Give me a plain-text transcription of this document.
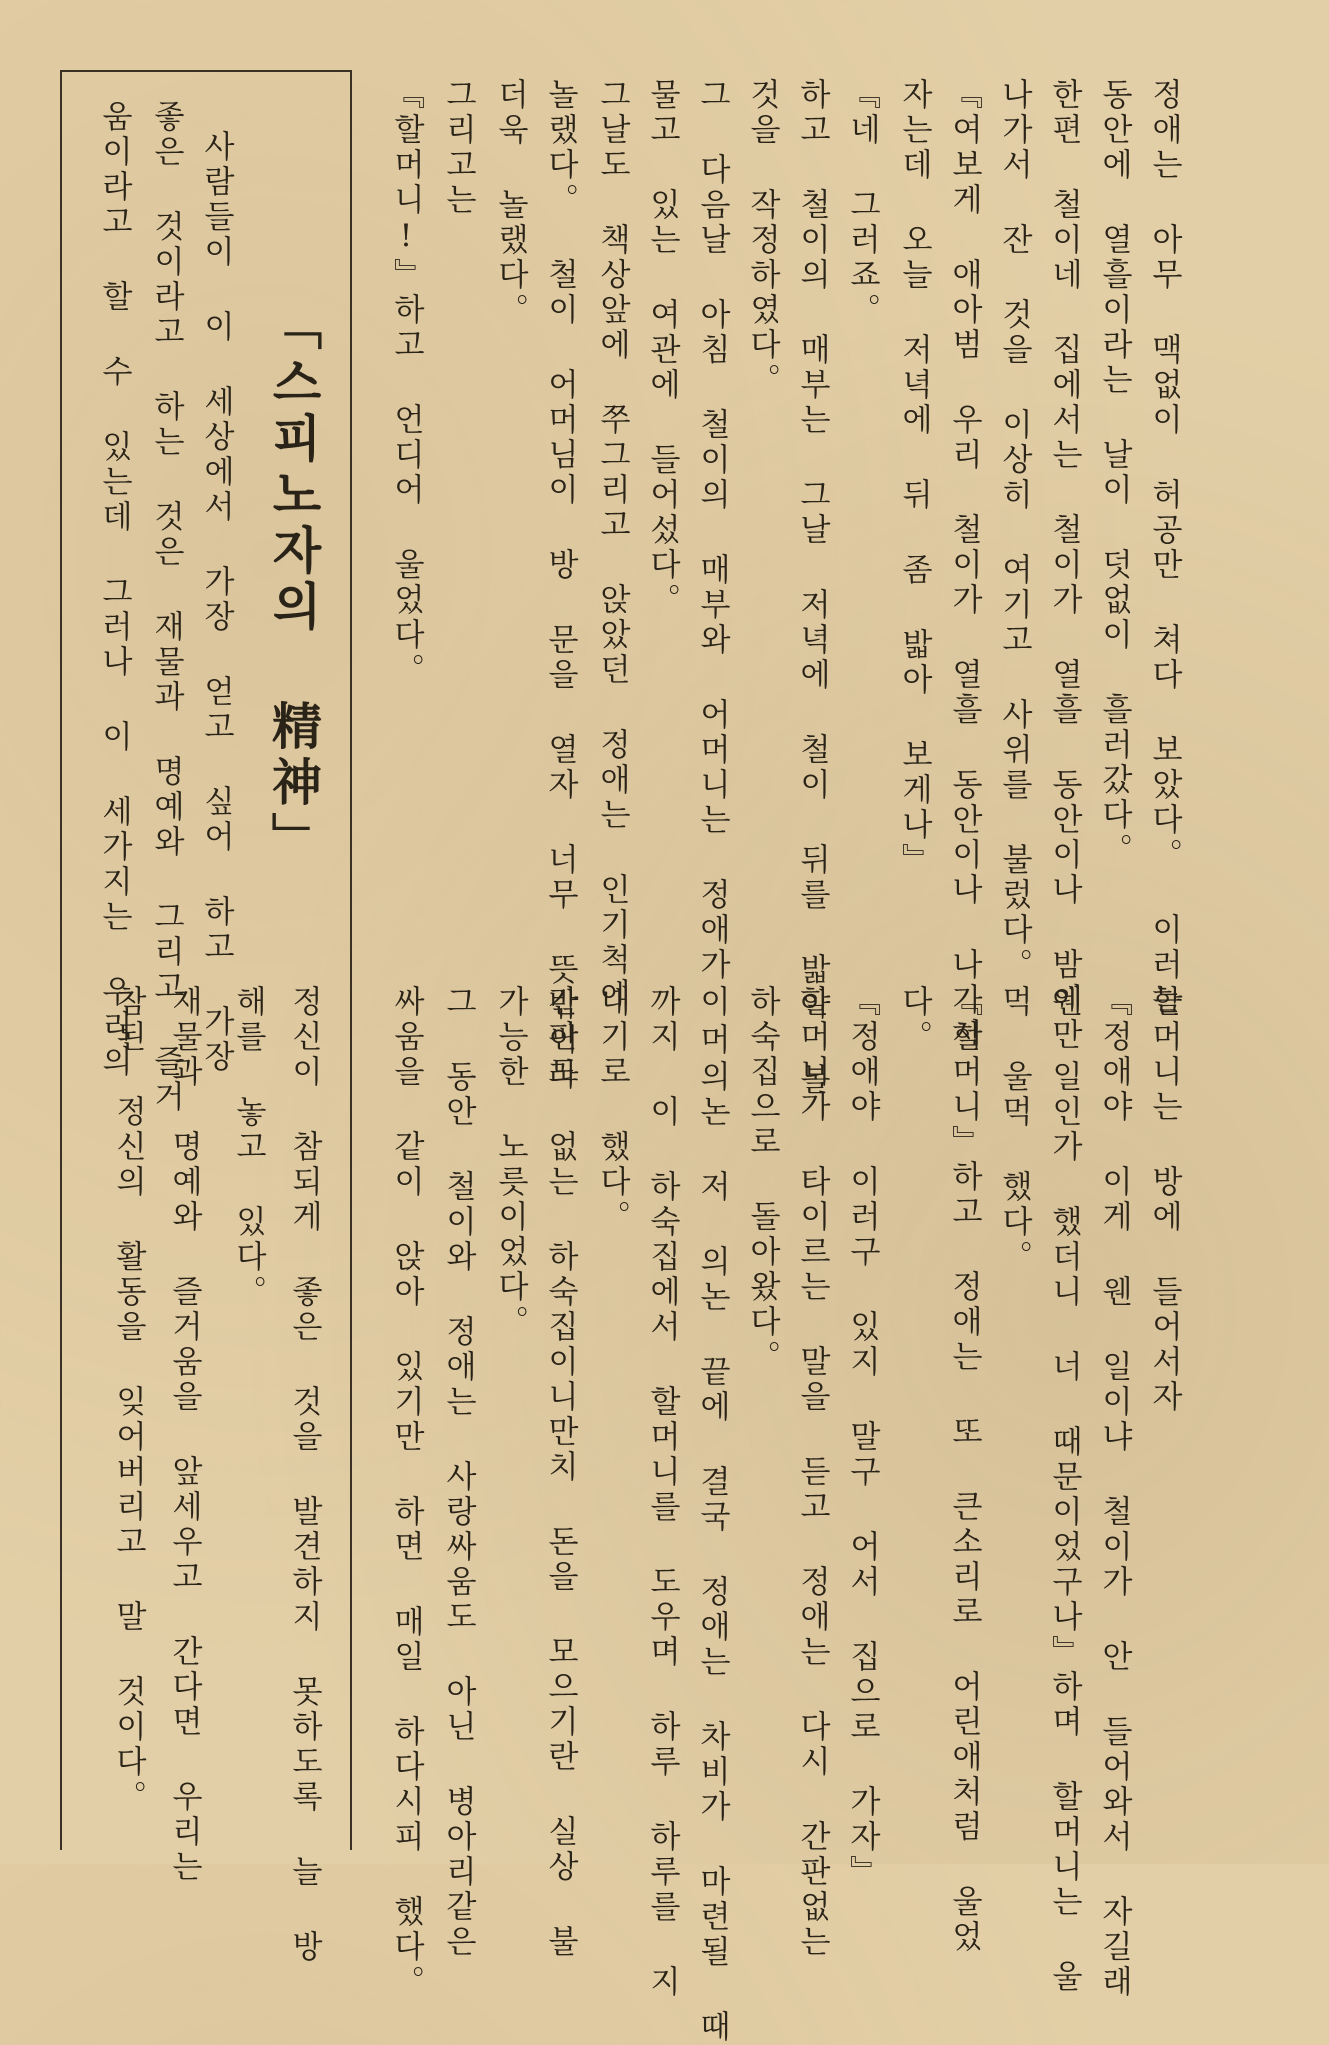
정애는 아무 맥없이 허공만 쳐다 보았다。 이러는
동안에 열흘이라는 날이 덧없이 흘러갔다。
한편 철이네 집에서는 철이가 열흘 동안이나 밤에만
나가서 잔 것을 이상히 여기고 사위를 불렀다。
『여보게 애아범 우리 철이가 열흘 동안이나 나가서
자는데 오늘 저녁에 뒤 좀 밟아 보게나』
『네 그러죠。
하고 철이의 매부는 그날 저녁에 철이 뒤를 밟아 볼
것을 작정하였다。
그 다음날 아침 철이의 매부와 어머니는 정애가 머
물고 있는 여관에 들어섰다。
그날도 책상앞에 쭈그리고 앉았던 정애는 인기척에
놀랬다。 철이 어머님이 방 문을 열자 너무 뜻밖이라
더욱 놀랬다。
그리고는
『할머니!』하고 언디어 울었다。
할머니는 방에 들어서자
『정애야 이게 웬 일이냐 철이가 안 들어와서 자길래
웬 일인가 했더니 너 때문이었구나』하며 할머니는 울
먹 울먹 했다。
『할머니』하고 정애는 또 큰소리로 어린애처럼 울었
다。
『정애야 이러구 있지 말구 어서 집으로 가자』
할머니가 타이르는 말을 듣고 정애는 다시 간판없는
하숙집으로 돌아왔다。
이 의논 저 의논 끝에 결국 정애는 차비가 마련될 때
까지 이 하숙집에서 할머니를 도우며 하루 하루를 지
내기로 했다。
간판도 없는 하숙집이니만치 돈을 모으기란 실상 불
가능한 노릇이었다。
그 동안 철이와 정애는 사랑싸움도 아닌 병아리같은
싸움을 같이 앉아 있기만 하면 매일 하다시피 했다。
정신이 참되게 좋은 것을 발견하지 못하도록 늘 방
해를 놓고 있다。
재물과 명예와 즐거움을 앞세우고 간다면 우리는
참된 정신의 활동을 잊어버리고 말 것이다。
「스피노자의 精神」
사람들이 이 세상에서 가장 얻고 싶어 하고 가장
좋은 것이라고 하는 것은 재물과 명예와 그리고 즐거
움이라고 할 수 있는데 그러나 이 세가지는 우리의
